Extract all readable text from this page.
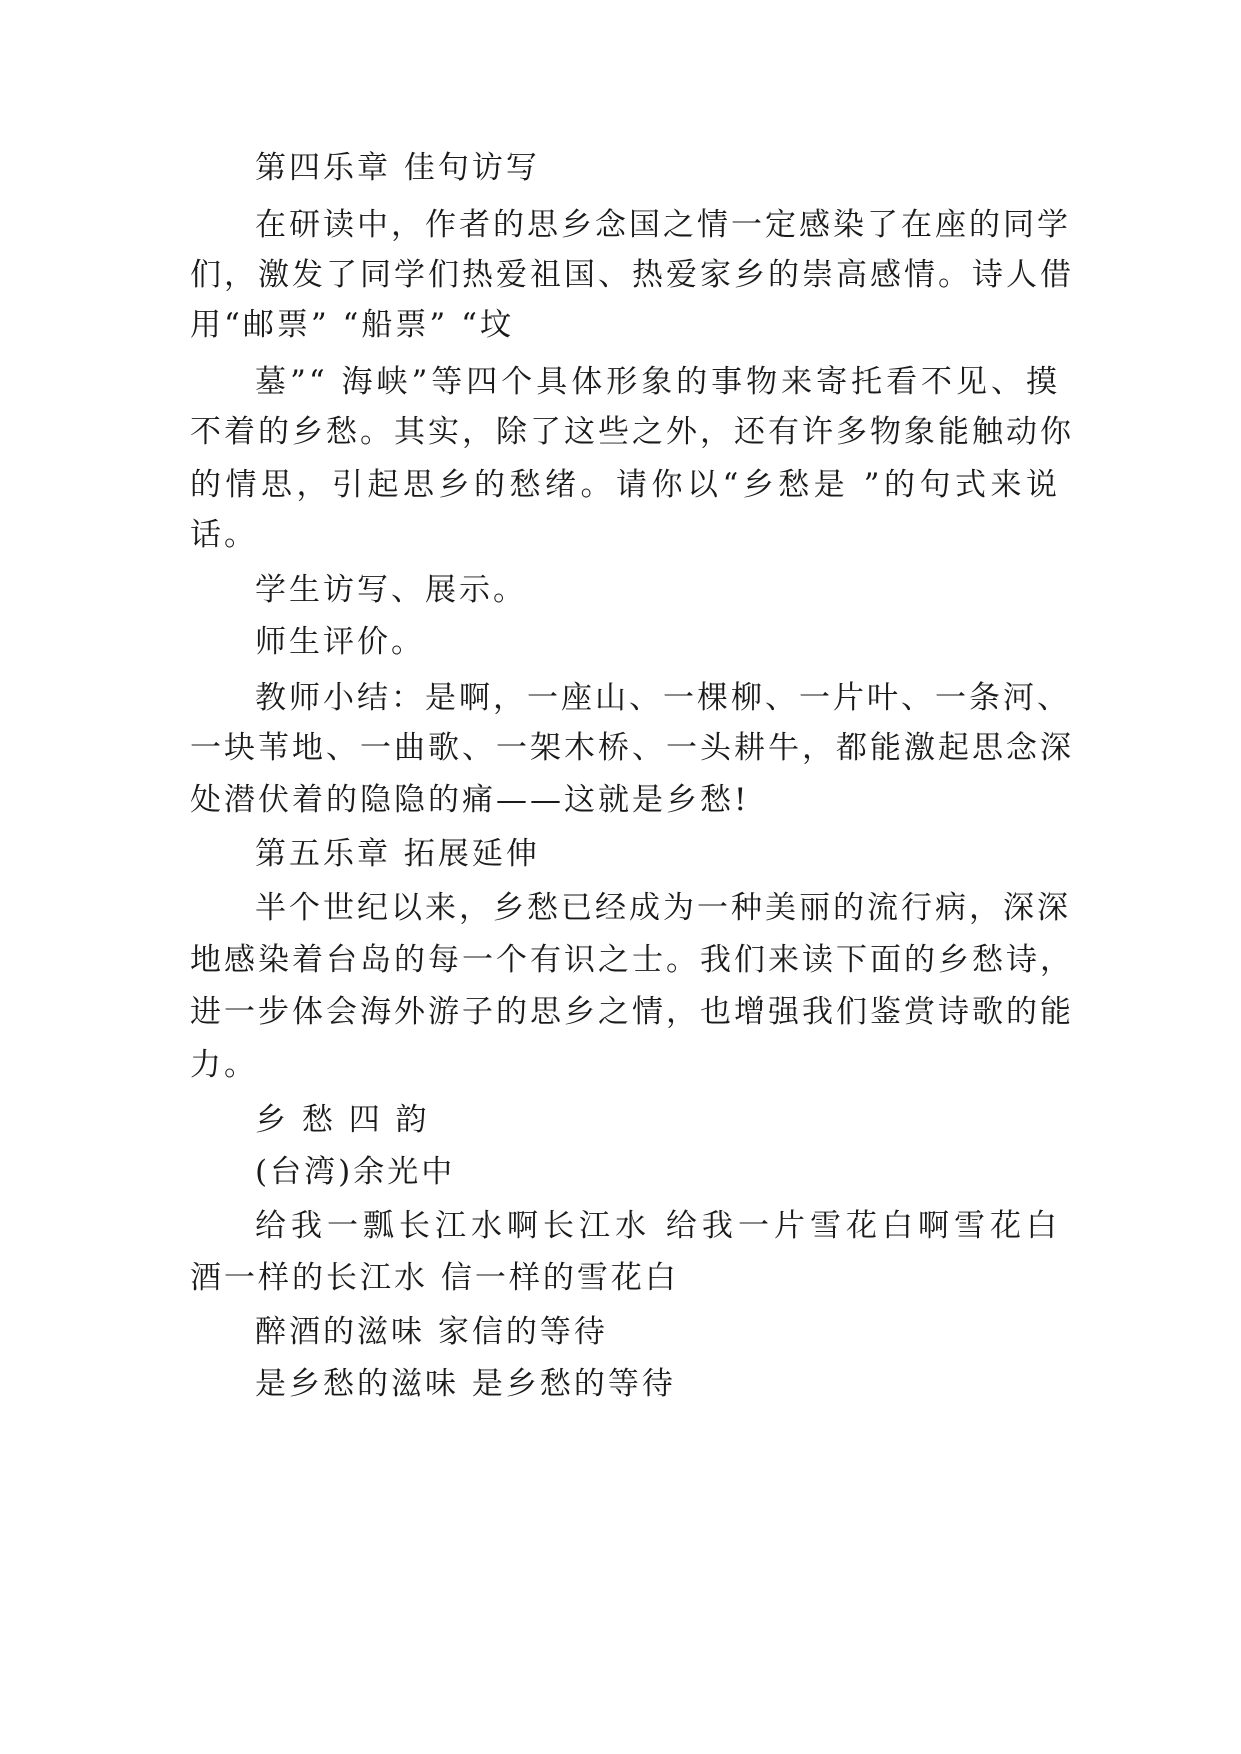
第四乐章 佳句访写
在研读中，作者的思乡念国之情一定感染了在座的同学
们，激发了同学们热爱祖国、热爱家乡的崇高感情。诗人借
用“邮票” “船票” “坟
墓”“ 海峡”等四个具体形象的事物来寄托看不见、摸
不着的乡愁。其实，除了这些之外，还有许多物象能触动你
的情思，引起思乡的愁绪。请你以“乡愁是 ”的句式来说
话。
学生访写、展示。
师生评价。
教师小结：是啊，一座山、一棵柳、一片叶、一条河、
一块苇地、一曲歌、一架木桥、一头耕牛，都能激起思念深
处潜伏着的隐隐的痛——这就是乡愁!
第五乐章 拓展延伸
半个世纪以来，乡愁已经成为一种美丽的流行病，深深
地感染着台岛的每一个有识之士。我们来读下面的乡愁诗，
进一步体会海外游子的思乡之情，也增强我们鉴赏诗歌的能
力。
乡 愁 四 韵
(台湾)余光中
给我一瓢长江水啊长江水 给我一片雪花白啊雪花白
酒一样的长江水 信一样的雪花白
醉酒的滋味 家信的等待
是乡愁的滋味 是乡愁的等待
